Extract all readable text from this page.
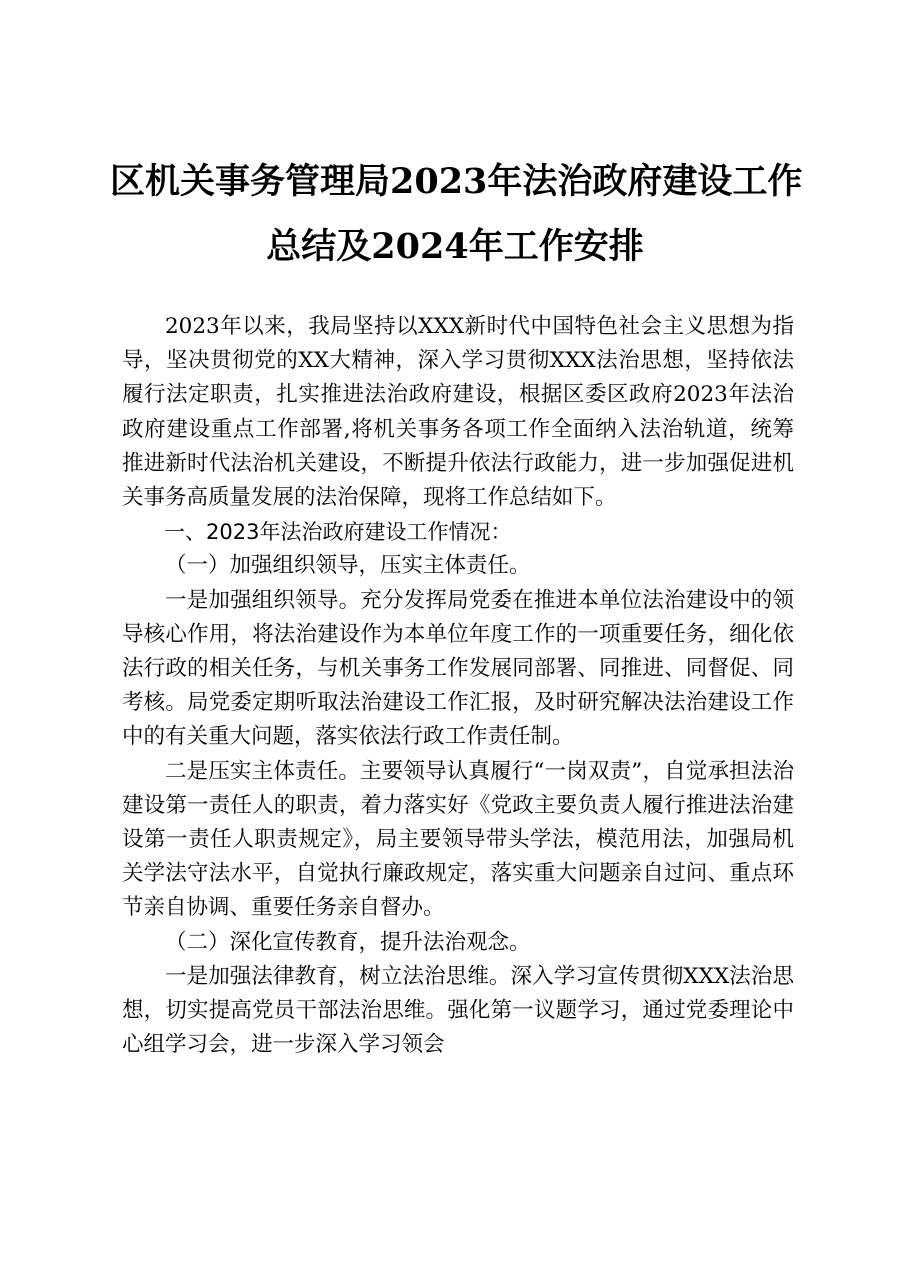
区机关事务管理局2023年法治政府建设工作
总结及2024年工作安排

2023年以来，我局坚持以XXX新时代中国特色社会主义思想为指导，坚决贯彻党的XX大精神，深入学习贯彻XXX法治思想，坚持依法履行法定职责，扎实推进法治政府建设，根据区委区政府2023年法治政府建设重点工作部署,将机关事务各项工作全面纳入法治轨道，统筹推进新时代法治机关建设，不断提升依法行政能力，进一步加强促进机关事务高质量发展的法治保障，现将工作总结如下。

一、2023年法治政府建设工作情况：

（一）加强组织领导，压实主体责任。

一是加强组织领导。充分发挥局党委在推进本单位法治建设中的领导核心作用，将法治建设作为本单位年度工作的一项重要任务，细化依法行政的相关任务，与机关事务工作发展同部署、同推进、同督促、同考核。局党委定期听取法治建设工作汇报，及时研究解决法治建设工作中的有关重大问题，落实依法行政工作责任制。

二是压实主体责任。主要领导认真履行“一岗双责”，自觉承担法治建设第一责任人的职责，着力落实好《党政主要负责人履行推进法治建设第一责任人职责规定》，局主要领导带头学法，模范用法，加强局机关学法守法水平，自觉执行廉政规定，落实重大问题亲自过问、重点环节亲自协调、重要任务亲自督办。

（二）深化宣传教育，提升法治观念。

一是加强法律教育，树立法治思维。深入学习宣传贯彻XXX法治思想，切实提高党员干部法治思维。强化第一议题学习，通过党委理论中心组学习会，进一步深入学习领会
